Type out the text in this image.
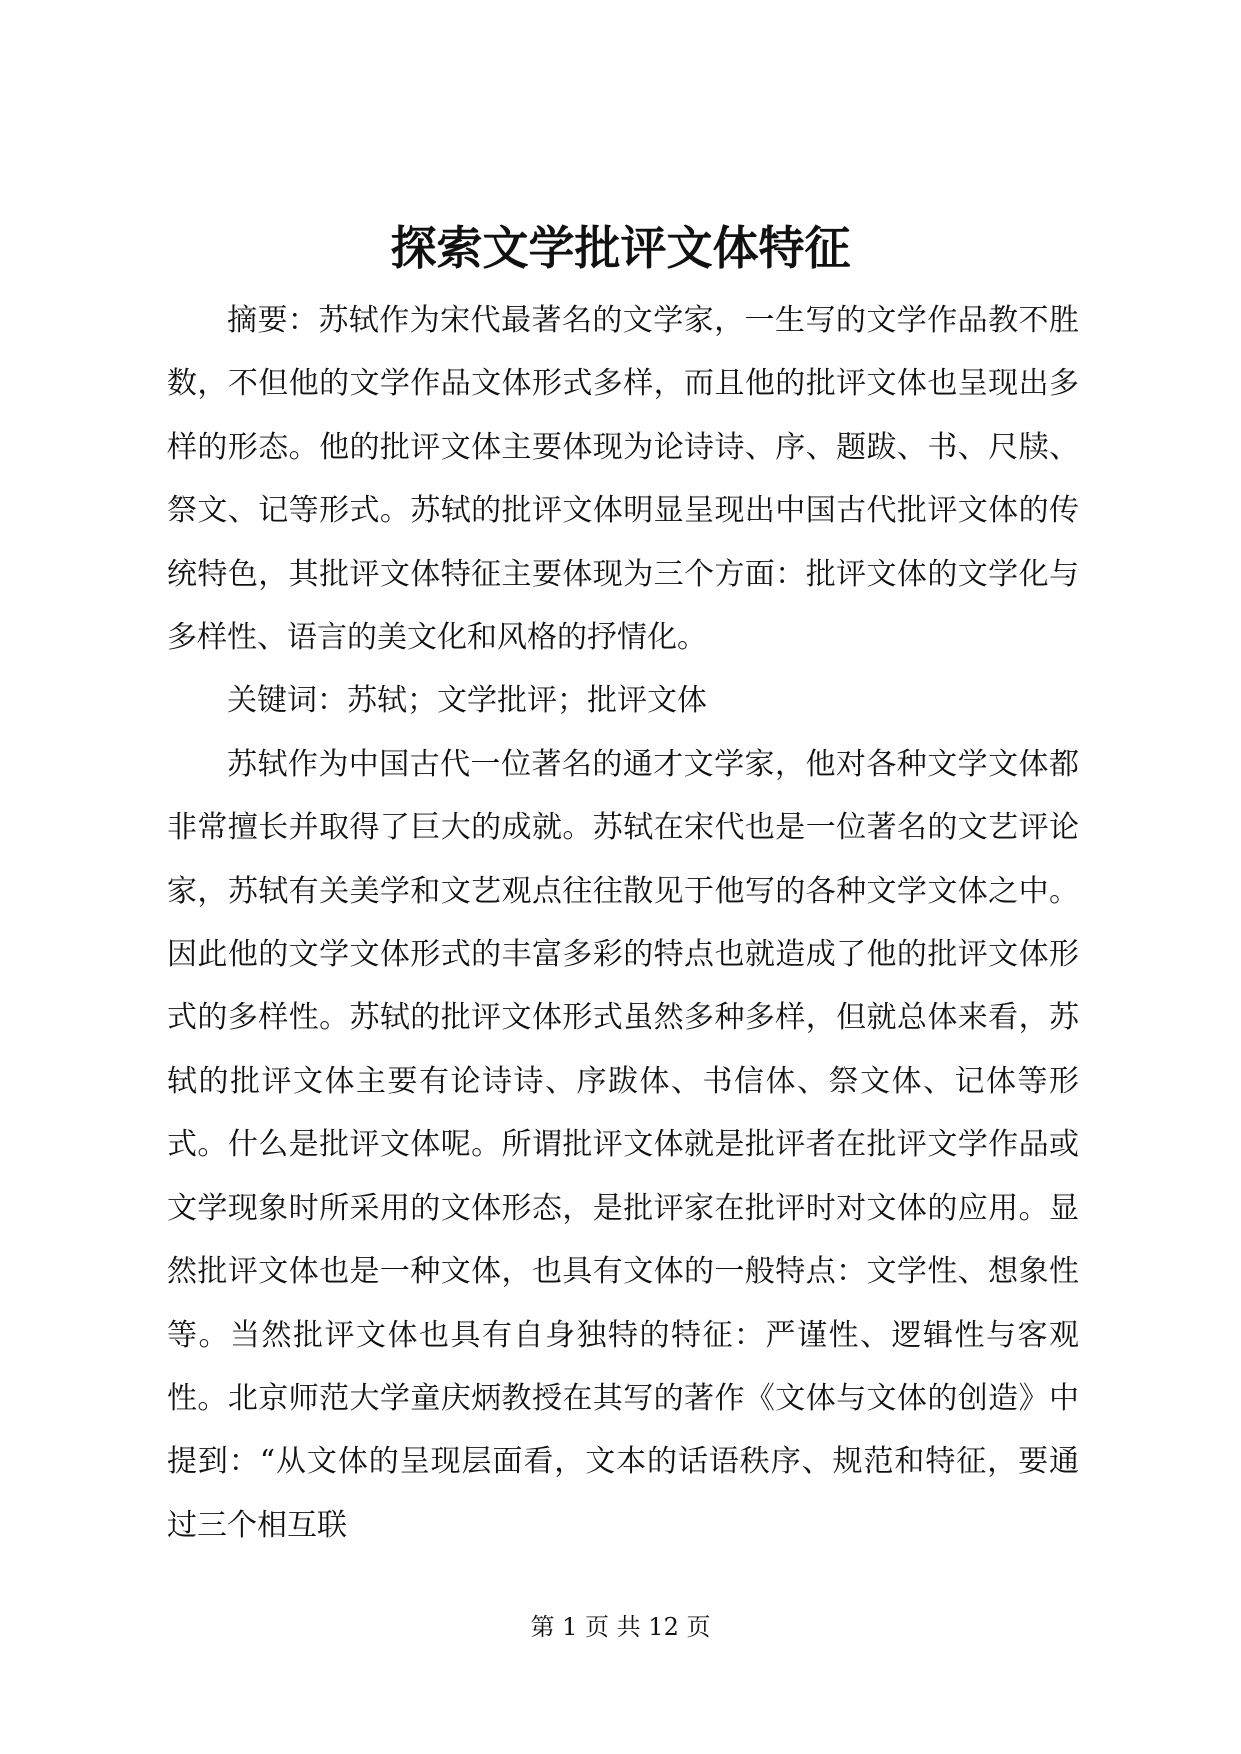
探索文学批评文体特征

摘要：苏轼作为宋代最著名的文学家，一生写的文学作品教不胜数，不但他的文学作品文体形式多样，而且他的批评文体也呈现出多样的形态。他的批评文体主要体现为论诗诗、序、题跋、书、尺牍、祭文、记等形式。苏轼的批评文体明显呈现出中国古代批评文体的传统特色，其批评文体特征主要体现为三个方面：批评文体的文学化与多样性、语言的美文化和风格的抒情化。

关键词：苏轼；文学批评；批评文体

苏轼作为中国古代一位著名的通才文学家，他对各种文学文体都非常擅长并取得了巨大的成就。苏轼在宋代也是一位著名的文艺评论家，苏轼有关美学和文艺观点往往散见于他写的各种文学文体之中。因此他的文学文体形式的丰富多彩的特点也就造成了他的批评文体形式的多样性。苏轼的批评文体形式虽然多种多样，但就总体来看，苏轼的批评文体主要有论诗诗、序跋体、书信体、祭文体、记体等形式。什么是批评文体呢。所谓批评文体就是批评者在批评文学作品或文学现象时所采用的文体形态，是批评家在批评时对文体的应用。显然批评文体也是一种文体，也具有文体的一般特点：文学性、想象性等。当然批评文体也具有自身独特的特征：严谨性、逻辑性与客观性。北京师范大学童庆炳教授在其写的著作《文体与文体的创造》中提到：“从文体的呈现层面看，文本的话语秩序、规范和特征，要通过三个相互联

第 1 页 共 12 页
